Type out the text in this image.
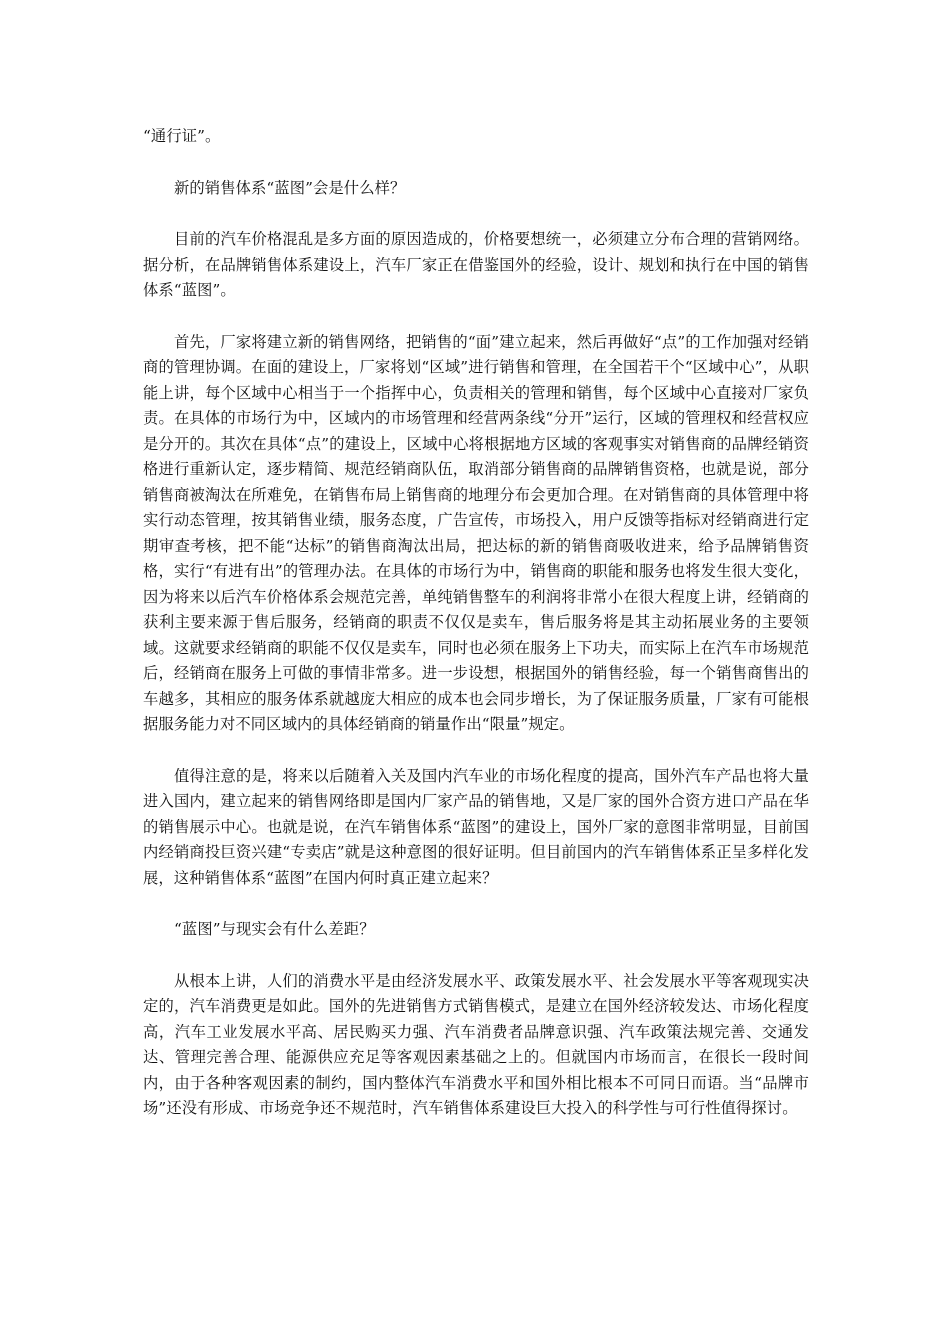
“通行证”。

新的销售体系“蓝图”会是什么样？

目前的汽车价格混乱是多方面的原因造成的，价格要想统一，必须建立分布合理的营销网络。据分析，在品牌销售体系建设上，汽车厂家正在借鉴国外的经验，设计、规划和执行在中国的销售体系“蓝图”。

首先，厂家将建立新的销售网络，把销售的“面”建立起来，然后再做好“点”的工作加强对经销商的管理协调。在面的建设上，厂家将划“区域”进行销售和管理，在全国若干个“区域中心”，从职能上讲，每个区域中心相当于一个指挥中心，负责相关的管理和销售，每个区域中心直接对厂家负责。在具体的市场行为中，区域内的市场管理和经营两条线“分开”运行，区域的管理权和经营权应是分开的。其次在具体“点”的建设上，区域中心将根据地方区域的客观事实对销售商的品牌经销资格进行重新认定，逐步精简、规范经销商队伍，取消部分销售商的品牌销售资格，也就是说，部分销售商被淘汰在所难免，在销售布局上销售商的地理分布会更加合理。在对销售商的具体管理中将实行动态管理，按其销售业绩，服务态度，广告宣传，市场投入，用户反馈等指标对经销商进行定期审查考核，把不能“达标”的销售商淘汰出局，把达标的新的销售商吸收进来，给予品牌销售资格，实行“有进有出”的管理办法。在具体的市场行为中，销售商的职能和服务也将发生很大变化，因为将来以后汽车价格体系会规范完善，单纯销售整车的利润将非常小在很大程度上讲，经销商的获利主要来源于售后服务，经销商的职责不仅仅是卖车，售后服务将是其主动拓展业务的主要领域。这就要求经销商的职能不仅仅是卖车，同时也必须在服务上下功夫，而实际上在汽车市场规范后，经销商在服务上可做的事情非常多。进一步设想，根据国外的销售经验，每一个销售商售出的车越多，其相应的服务体系就越庞大相应的成本也会同步增长，为了保证服务质量，厂家有可能根据服务能力对不同区域内的具体经销商的销量作出“限量”规定。

值得注意的是，将来以后随着入关及国内汽车业的市场化程度的提高，国外汽车产品也将大量进入国内，建立起来的销售网络即是国内厂家产品的销售地，又是厂家的国外合资方进口产品在华的销售展示中心。也就是说，在汽车销售体系“蓝图”的建设上，国外厂家的意图非常明显，目前国内经销商投巨资兴建“专卖店”就是这种意图的很好证明。但目前国内的汽车销售体系正呈多样化发展，这种销售体系“蓝图”在国内何时真正建立起来？

“蓝图”与现实会有什么差距？

从根本上讲，人们的消费水平是由经济发展水平、政策发展水平、社会发展水平等客观现实决定的，汽车消费更是如此。国外的先进销售方式销售模式，是建立在国外经济较发达、市场化程度高，汽车工业发展水平高、居民购买力强、汽车消费者品牌意识强、汽车政策法规完善、交通发达、管理完善合理、能源供应充足等客观因素基础之上的。但就国内市场而言，在很长一段时间内，由于各种客观因素的制约，国内整体汽车消费水平和国外相比根本不可同日而语。当“品牌市场”还没有形成、市场竞争还不规范时，汽车销售体系建设巨大投入的科学性与可行性值得探讨。
